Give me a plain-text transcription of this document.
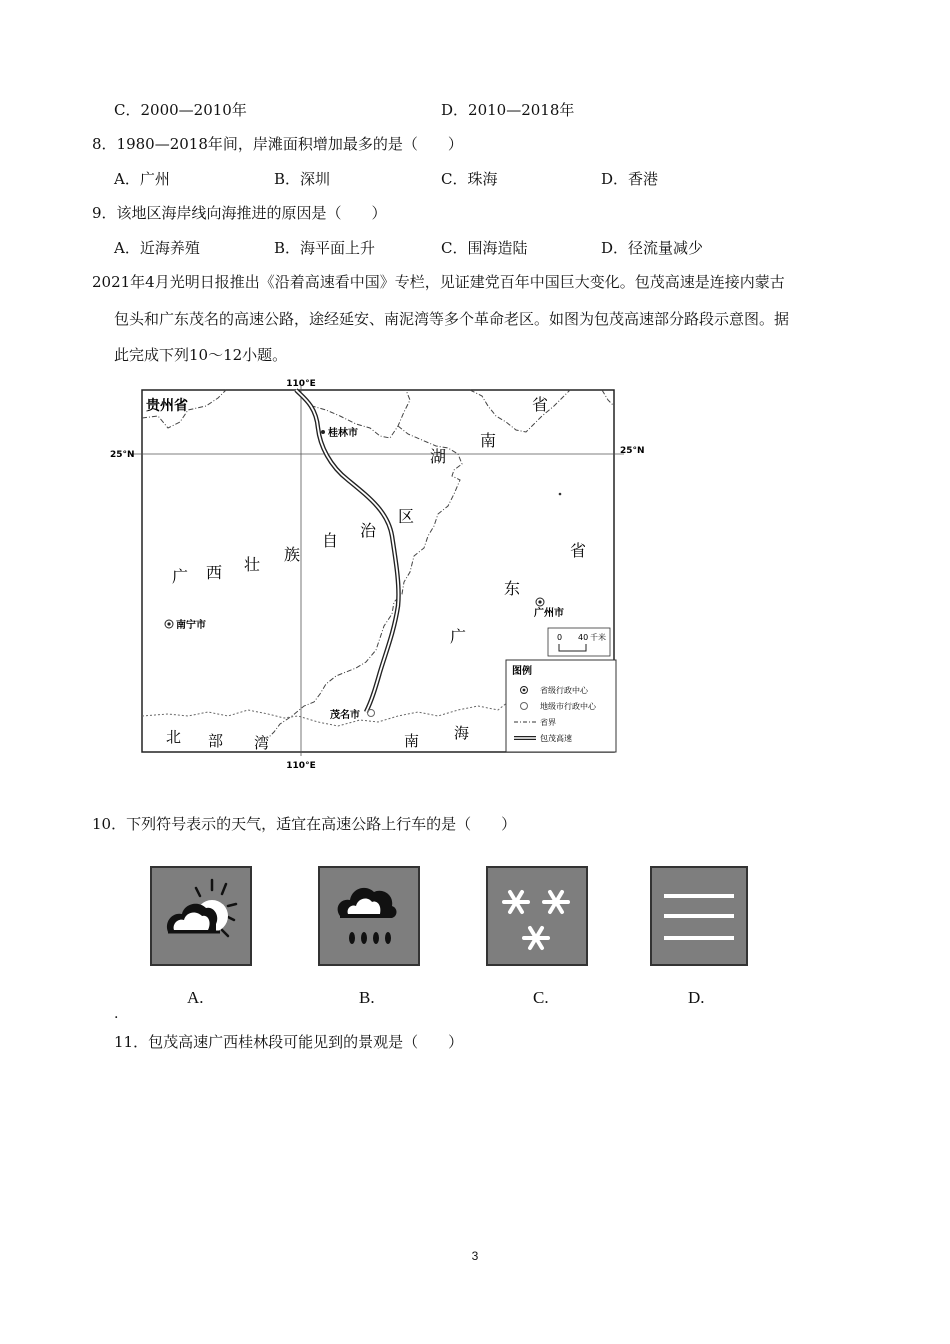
C．2000—2010年	D．2010—2018年
8．1980—2018年间，岸滩面积增加最多的是（　　）
A．广州	B．深圳	C．珠海	D．香港
9．该地区海岸线向海推进的原因是（　　）
A．近海养殖	B．海平面上升	C．围海造陆	D．径流量减少
2021年4月光明日报推出《沿着高速看中国》专栏，见证建党百年中国巨大变化。包茂高速是连接内蒙古
包头和广东茂名的高速公路，途经延安、南泥湾等多个革命老区。如图为包茂高速部分路段示意图。据
此完成下列10～12小题。
110°E
110°E
25°N	25°N
贵州省
湖
南
省
广 西 壮
族
自
治
区
广
东
省
北 部 湾	南 海
桂林市
南宁市
广州市
茂名市
0 40 千米
图例
省级行政中心
地级市行政中心
省界
包茂高速
10．下列符号表示的天气，适宜在高速公路上行车的是（　　）
A.	B.	C.	D.
.
11．包茂高速广西桂林段可能见到的景观是（　　）
3
